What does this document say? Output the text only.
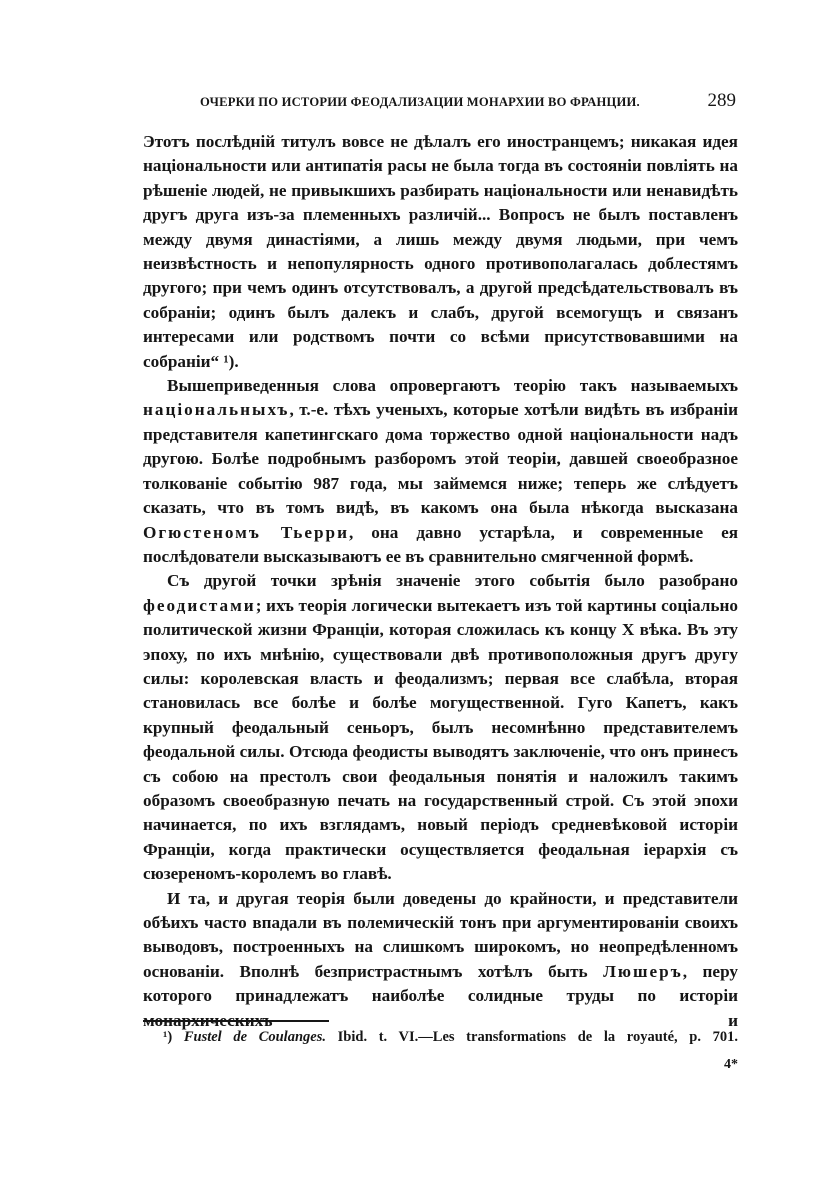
ОЧЕРКИ ПО ИСТОРИИ ФЕОДАЛИЗАЦИИ МОНАРХИИ ВО ФРАНЦИИ.	289

Этотъ послѣдній титулъ вовсе не дѣлалъ его иностранцемъ; никакая идея національности или антипатія расы не была тогда въ состояніи повліять на рѣшеніе людей, не привыкшихъ разбирать національности или ненавидѣть другъ друга изъ-за племенныхъ различій... Вопросъ не былъ поставленъ между двумя династіями, а лишь между двумя людьми, при чемъ неизвѣстность и непопулярность одного противополагалась доблестямъ другого; при чемъ одинъ отсутствовалъ, а другой предсѣдательствовалъ въ собраніи; одинъ былъ далекъ и слабъ, другой всемогущъ и связанъ интересами или родствомъ почти со всѣми присутствовавшими на собраніи“ ¹).

Вышеприведенныя слова опровергаютъ теорію такъ называемыхъ національныхъ, т.-е. тѣхъ ученыхъ, которые хотѣли видѣть въ избраніи представителя капетингскаго дома торжество одной національности надъ другою. Болѣе подробнымъ разборомъ этой теоріи, давшей своеобразное толкованіе событію 987 года, мы займемся ниже; теперь же слѣдуетъ сказать, что въ томъ видѣ, въ какомъ она была нѣкогда высказана Огюстеномъ Тьерри, она давно устарѣла, и современные ея послѣдователи высказываютъ ее въ сравнительно смягченной формѣ.

Съ другой точки зрѣнія значеніе этого событія было разобрано феодистами; ихъ теорія логически вытекаетъ изъ той картины соціально политической жизни Франціи, которая сложилась къ концу X вѣка. Въ эту эпоху, по ихъ мнѣнію, существовали двѣ противоположныя другъ другу силы: королевская власть и феодализмъ; первая все слабѣла, вторая становилась все болѣе и болѣе могущественной. Гуго Капетъ, какъ крупный феодальный сеньоръ, былъ несомнѣнно представителемъ феодальной силы. Отсюда феодисты выводятъ заключеніе, что онъ принесъ съ собою на престолъ свои феодальныя понятія и наложилъ такимъ образомъ своеобразную печать на государственный строй. Съ этой эпохи начинается, по ихъ взглядамъ, новый періодъ средневѣковой исторіи Франціи, когда практически осуществляется феодальная іерархія съ сюзереномъ-королемъ во главѣ.

И та, и другая теорія были доведены до крайности, и представители обѣихъ часто впадали въ полемическій тонъ при аргументированіи своихъ выводовъ, построенныхъ на слишкомъ широкомъ, но неопредѣленномъ основаніи. Вполнѣ безпристрастнымъ хотѣлъ быть Люшеръ, перу которого принадлежатъ наиболѣе солидные труды по исторіи монархическихъ и

¹) Fustel de Coulanges. Ibid. t. VI.—Les transformations de la royauté, p. 701.
4*
